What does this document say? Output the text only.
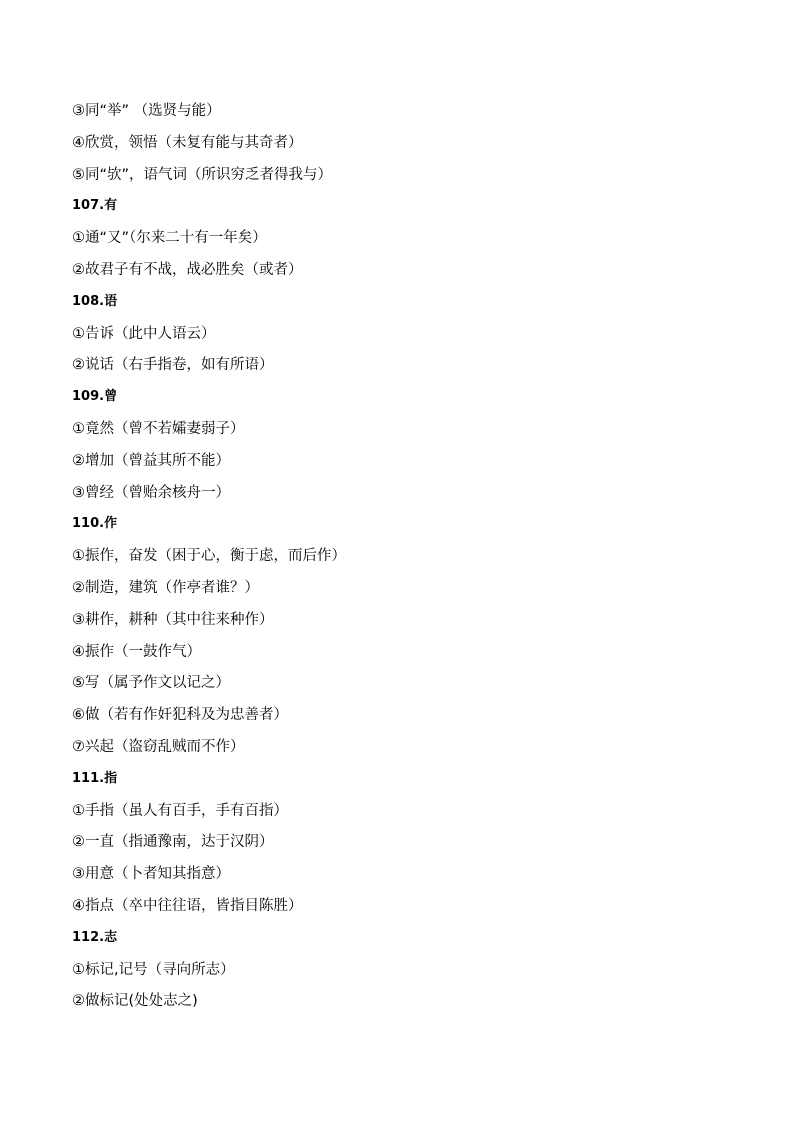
③同“举” （选贤与能）
④欣赏，领悟（未复有能与其奇者）
⑤同“欤”，语气词（所识穷乏者得我与）
107.有
①通“又”（尔来二十有一年矣）
②故君子有不战，战必胜矣（或者）
108.语
①告诉（此中人语云）
②说话（右手指卷，如有所语）
109.曾
①竟然（曾不若孀妻弱子）
②增加（曾益其所不能）
③曾经（曾贻余核舟一）
110.作
①振作，奋发（困于心，衡于虑，而后作）
②制造，建筑（作亭者谁？）
③耕作，耕种（其中往来种作）
④振作（一鼓作气）
⑤写（属予作文以记之）
⑥做（若有作奸犯科及为忠善者）
⑦兴起（盗窃乱贼而不作）
111.指
①手指（虽人有百手，手有百指）
②一直（指通豫南，达于汉阴）
③用意（卜者知其指意）
④指点（卒中往往语，皆指目陈胜）
112.志
①标记,记号（寻向所志）
②做标记(处处志之)
